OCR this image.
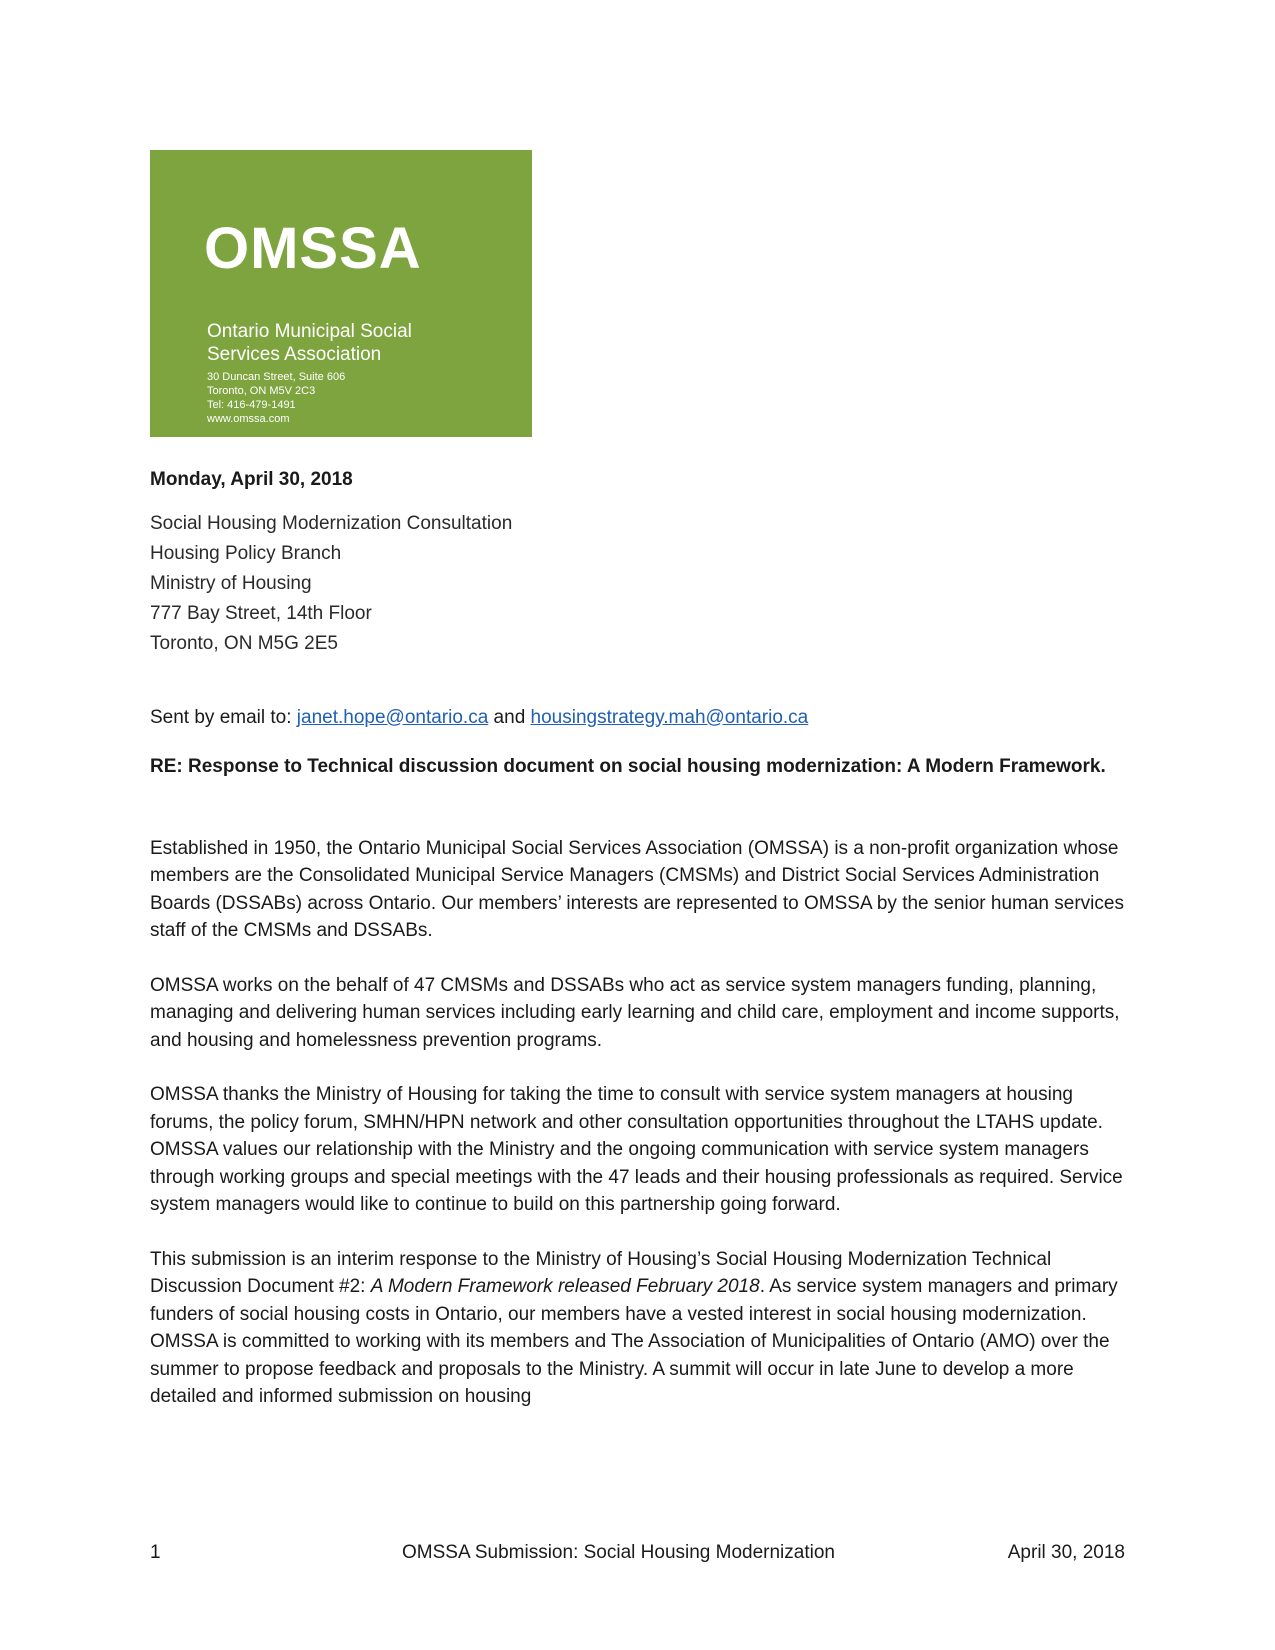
OMSSA
Ontario Municipal Social
Services Association
30 Duncan Street, Suite 606
Toronto, ON M5V 2C3
Tel: 416-479-1491
www.omssa.com
Monday, April 30, 2018
Social Housing Modernization Consultation
Housing Policy Branch
Ministry of Housing
777 Bay Street, 14th Floor
Toronto, ON M5G 2E5
Sent by email to: janet.hope@ontario.ca and housingstrategy.mah@ontario.ca
RE: Response to Technical discussion document on social housing modernization: A Modern Framework.

Established in 1950, the Ontario Municipal Social Services Association (OMSSA) is a non-profit organization whose members are the Consolidated Municipal Service Managers (CMSMs) and District Social Services Administration Boards (DSSABs) across Ontario. Our members’ interests are represented to OMSSA by the senior human services staff of the CMSMs and DSSABs.

OMSSA works on the behalf of 47 CMSMs and DSSABs who act as service system managers funding, planning, managing and delivering human services including early learning and child care, employment and income supports, and housing and homelessness prevention programs.

OMSSA thanks the Ministry of Housing for taking the time to consult with service system managers at housing forums, the policy forum, SMHN/HPN network and other consultation opportunities throughout the LTAHS update. OMSSA values our relationship with the Ministry and the ongoing communication with service system managers through working groups and special meetings with the 47 leads and their housing professionals as required. Service system managers would like to continue to build on this partnership going forward.

This submission is an interim response to the Ministry of Housing’s Social Housing Modernization Technical Discussion Document #2: A Modern Framework released February 2018. As service system managers and primary funders of social housing costs in Ontario, our members have a vested interest in social housing modernization. OMSSA is committed to working with its members and The Association of Municipalities of Ontario (AMO) over the summer to propose feedback and proposals to the Ministry. A summit will occur in late June to develop a more detailed and informed submission on housing

1	OMSSA Submission: Social Housing Modernization	April 30, 2018
